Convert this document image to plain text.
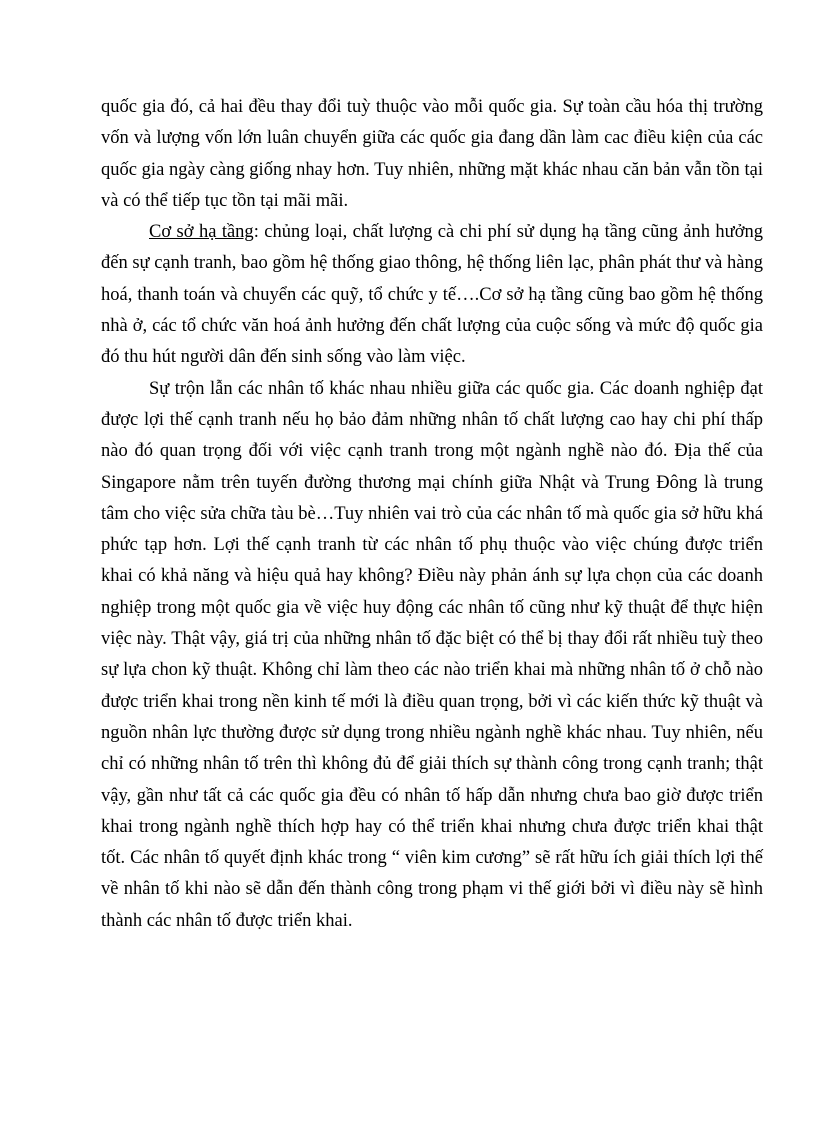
quốc gia đó, cả hai đều thay đổi tuỳ thuộc vào mỗi quốc gia. Sự toàn cầu hóa thị trường vốn và lượng vốn lớn luân chuyển giữa các quốc gia đang dần làm cac điều kiện của các quốc gia ngày càng giống nhay hơn. Tuy nhiên, những mặt khác nhau căn bản vẫn tồn tại và có thể tiếp tục tồn tại mãi mãi.

Cơ sở hạ tầng: chủng loại, chất lượng cà chi phí sử dụng hạ tầng cũng ảnh hưởng đến sự cạnh tranh, bao gồm hệ thống giao thông, hệ thống liên lạc, phân phát thư và hàng hoá, thanh toán và chuyển các quỹ, tổ chức y tế….Cơ sở hạ tầng cũng bao gồm hệ thống nhà ở, các tổ chức văn hoá ảnh hưởng đến chất lượng của cuộc sống và mức độ quốc gia đó thu hút người dân đến sinh sống vào làm việc.

Sự trộn lẫn các nhân tố khác nhau nhiều giữa các quốc gia. Các doanh nghiệp đạt được lợi thế cạnh tranh nếu họ bảo đảm những nhân tố chất lượng cao hay chi phí thấp nào đó quan trọng đối với việc cạnh tranh trong một ngành nghề nào đó. Địa thế của Singapore nằm trên tuyến đường thương mại chính giữa Nhật và Trung Đông là trung tâm cho việc sửa chữa tàu bè…Tuy nhiên vai trò của các nhân tố mà quốc gia sở hữu khá phức tạp hơn. Lợi thế cạnh tranh từ các nhân tố phụ thuộc vào việc chúng được triển khai có khả năng và hiệu quả hay không? Điều này phản ánh sự lựa chọn của các doanh nghiệp trong một quốc gia về việc huy động các nhân tố cũng như kỹ thuật để thực hiện việc này. Thật vậy, giá trị của những nhân tố đặc biệt có thể bị thay đổi rất nhiều tuỳ theo sự lựa chon kỹ thuật. Không chỉ làm theo các nào triển khai mà những nhân tố ở chỗ nào được triển khai trong nền kinh tế mới là điều quan trọng, bởi vì các kiến thức kỹ thuật và nguồn nhân lực thường được sử dụng trong nhiều ngành nghề khác nhau. Tuy nhiên, nếu chỉ có những nhân tố trên thì không đủ để giải thích sự thành công trong cạnh tranh; thật vậy, gần như tất cả các quốc gia đều có nhân tố hấp dẫn nhưng chưa bao giờ được triển khai trong ngành nghề thích hợp hay có thể triển khai nhưng chưa được triển khai thật tốt. Các nhân tố quyết định khác trong “ viên kim cương” sẽ rất hữu ích giải thích lợi thế về nhân tố khi nào sẽ dẫn đến thành công trong phạm vi thế giới bởi vì điều này sẽ hình thành các nhân tố được triển khai.
